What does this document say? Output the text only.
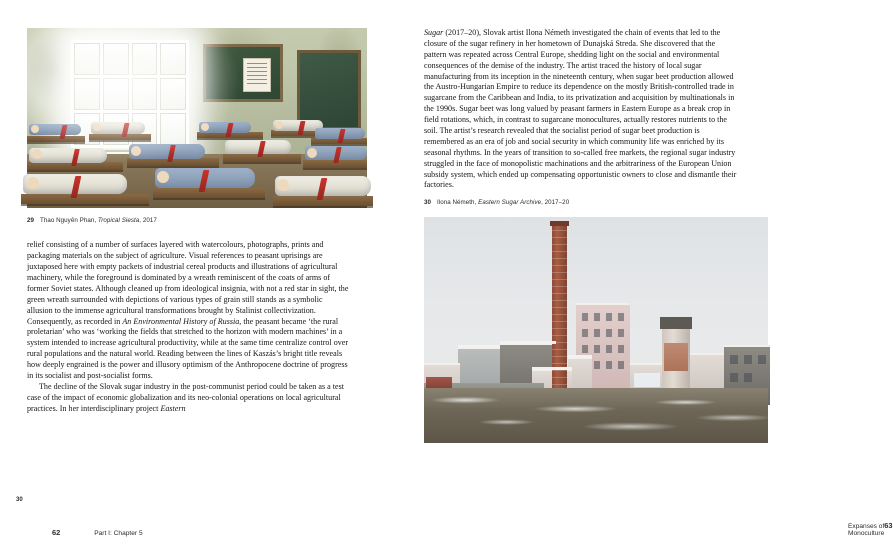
29 Thao Nguyên Phan, Tropical Siesta, 2017

relief consisting of a number of surfaces layered with watercolours, photographs, prints and packaging materials on the subject of agriculture. Visual references to peasant uprisings are juxtaposed here with empty packets of industrial cereal products and illustrations of agricultural machinery, while the foreground is dominated by a wreath reminiscent of the coats of arms of former Soviet states. Although cleaned up from ideological insignia, with not a red star in sight, the green wreath surrounded with depictions of various types of grain still stands as a symbolic allusion to the immense agricultural transformations brought by Stalinist collectivization. Consequently, as recorded in An Environmental History of Russia, the peasant became ‘the rural proletarian’ who was ‘working the fields that stretched to the horizon with modern machines’ in a system intended to increase agricultural productivity, while at the same time centralize control over rural populations and the natural world. Reading between the lines of Kaszás’s bright title reveals how deeply engrained is the power and illusory optimism of the Anthropocene doctrine of progress in its socialist and post-socialist forms.

The decline of the Slovak sugar industry in the post-communist period could be taken as a test case of the impact of economic globalization and its neo-colonial operations on local agricultural practices. In her interdisciplinary project Eastern

30
62	Part I: Chapter 5

Sugar (2017–20), Slovak artist Ilona Németh investigated the chain of events that led to the closure of the sugar refinery in her hometown of Dunajská Streda. She discovered that the pattern was repeated across Central Europe, shedding light on the social and environmental consequences of the demise of the industry. The artist traced the history of local sugar manufacturing from its inception in the nineteenth century, when sugar beet production allowed the Austro-Hungarian Empire to reduce its dependence on the mostly British-controlled trade in sugarcane from the Caribbean and India, to its privatization and acquisition by multinationals in the 1990s. Sugar beet was long valued by peasant farmers in Eastern Europe as a break crop in field rotations, which, in contrast to sugarcane monocultures, actually restores nutrients to the soil. The artist’s research revealed that the socialist period of sugar beet production is remembered as an era of job and social security in which community life was enriched by its seasonal rhythms. In the years of transition to so-called free markets, the regional sugar industry struggled in the face of monopolistic machinations and the arbitrariness of the European Union subsidy system, which ended up compensating opportunistic owners to close and dismantle their factories.

30 Ilona Németh, Eastern Sugar Archive, 2017–20
Expanses of Monoculture
63
